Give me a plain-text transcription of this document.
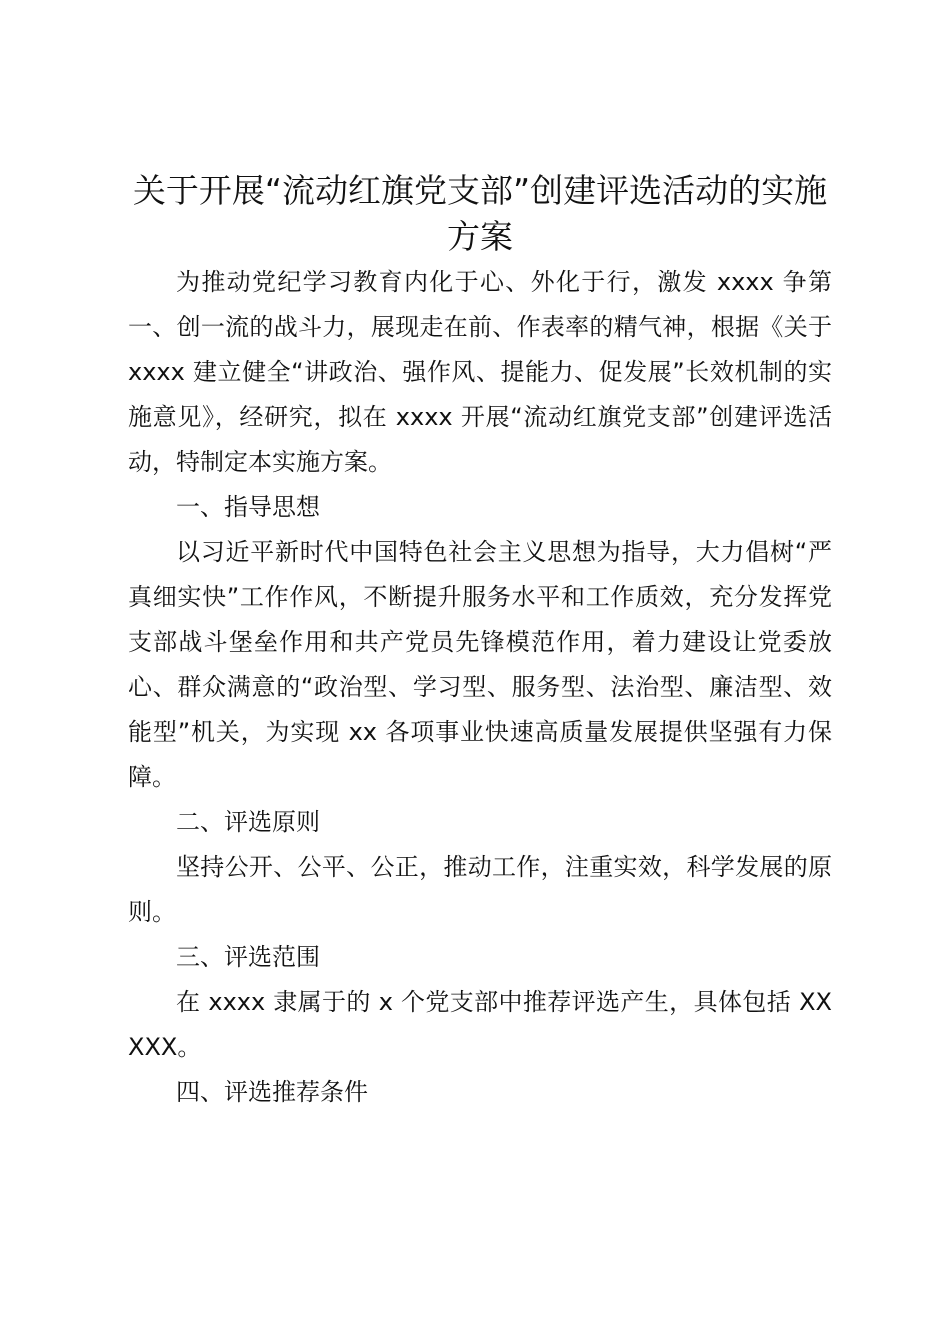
关于开展“流动红旗党支部”创建评选活动的实施方案

为推动党纪学习教育内化于心、外化于行，激发 xxxx 争第一、创一流的战斗力，展现走在前、作表率的精气神，根据《关于 xxxx 建立健全“讲政治、强作风、提能力、促发展”长效机制的实施意见》，经研究，拟在 xxxx 开展“流动红旗党支部”创建评选活动，特制定本实施方案。

一、指导思想

以习近平新时代中国特色社会主义思想为指导，大力倡树“严真细实快”工作作风，不断提升服务水平和工作质效，充分发挥党支部战斗堡垒作用和共产党员先锋模范作用，着力建设让党委放心、群众满意的“政治型、学习型、服务型、法治型、廉洁型、效能型”机关，为实现 xx 各项事业快速高质量发展提供坚强有力保障。

二、评选原则

坚持公开、公平、公正，推动工作，注重实效，科学发展的原则。

三、评选范围

在 xxxx 隶属于的 x 个党支部中推荐评选产生，具体包括 XXXXX。

四、评选推荐条件
